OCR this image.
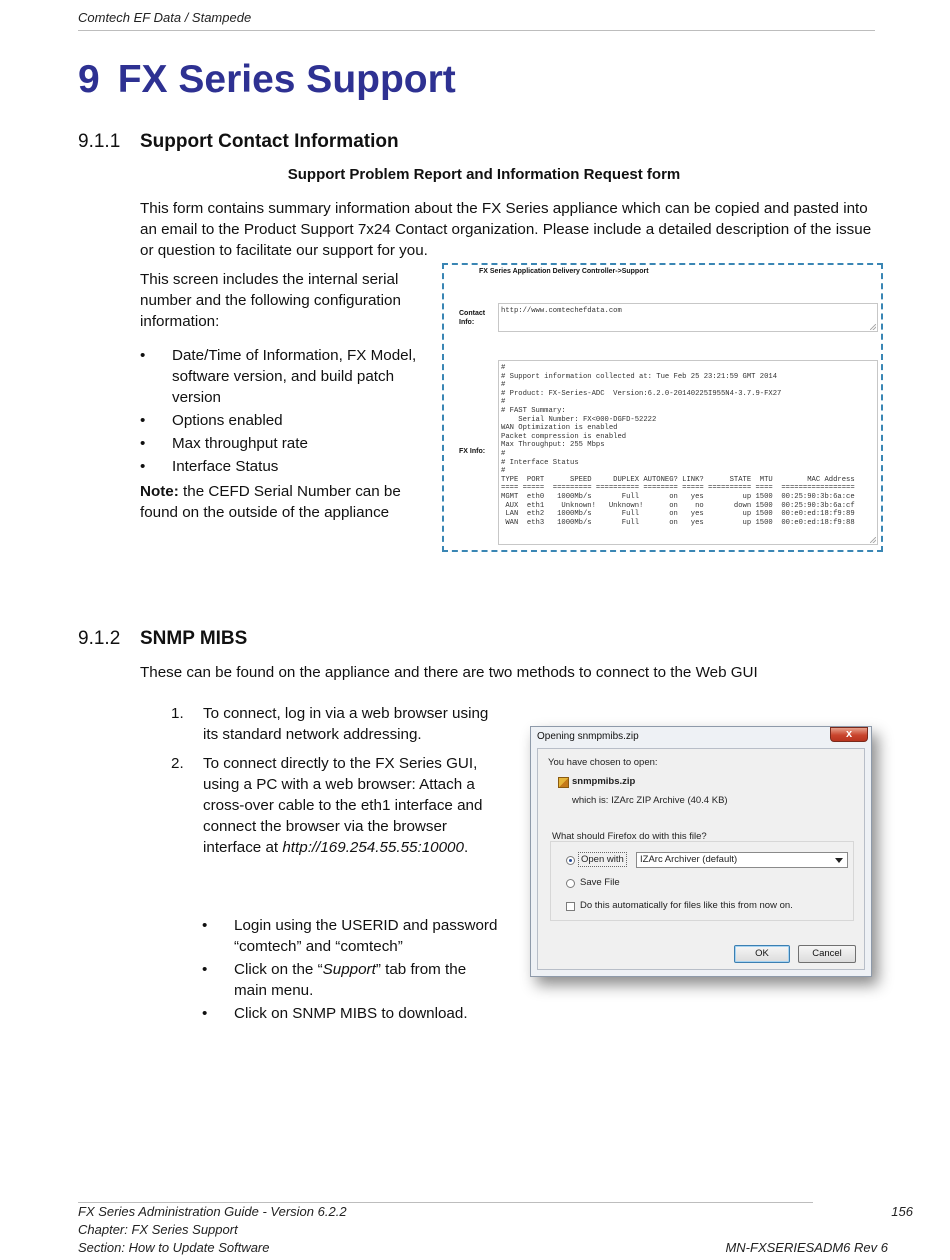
Comtech EF Data / Stampede
9 FX Series Support
9.1.1 Support Contact Information
Support Problem Report and Information Request form
This form contains summary information about the FX Series appliance which can be copied and pasted into an email to the Product Support 7x24 Contact organization. Please include a detailed description of the issue or question to facilitate our support for you.
This screen includes the internal serial number and the following configuration information:
• Date/Time of Information, FX Model, software version, and build patch version
• Options enabled
• Max throughput rate
• Interface Status
Note: the CEFD Serial Number can be found on the outside of the appliance
FX Series Application Delivery Controller->Support
Contact Info:
http://www.comtechefdata.com
FX Info:
#
# Support information collected at: Tue Feb 25 23:21:59 GMT 2014
#
# Product: FX-Series-ADC  Version:6.2.0-20140225I955N4-3.7.9-FX27
#
# FAST Summary:
Serial Number: FX<000-DGFD-52222
WAN Optimization is enabled
Packet compression is enabled
Max Throughput: 255 Mbps
#
# Interface Status
#
TYPE  PORT      SPEED     DUPLEX AUTONEG? LINK?      STATE  MTU        MAC Address
==== =====  ========= ========== ======== ===== ========== ====  =================
MGMT  eth0   1000Mb/s       Full       on   yes         up 1500  00:25:90:3b:6a:ce
AUX  eth1    Unknown!   Unknown!      on    no       down 1500  00:25:90:3b:6a:cf
LAN  eth2   1000Mb/s       Full       on   yes         up 1500  00:e0:ed:18:f9:89
WAN  eth3   1000Mb/s       Full       on   yes         up 1500  00:e0:ed:18:f9:88
9.1.2 SNMP MIBS
These can be found on the appliance and there are two methods to connect to the Web GUI
1. To connect, log in via a web browser using its standard network addressing.
2. To connect directly to the FX Series GUI, using a PC with a web browser: Attach a cross-over cable to the eth1 interface and connect the browser via the browser interface at http://169.254.55.55:10000.
• Login using the USERID and password “comtech” and “comtech”
• Click on the “Support” tab from the main menu.
• Click on SNMP MIBS to download.
Opening snmpmibs.zip	x
You have chosen to open:
snmpmibs.zip
which is: IZArc ZIP Archive (40.4 KB)
What should Firefox do with this file?
Open with	IZArc Archiver (default)
Save File
Do this automatically for files like this from now on.
OK	Cancel
FX Series Administration Guide - Version 6.2.2
Chapter: FX Series Support
Section: How to Update Software
156
MN-FXSERIESADM6 Rev 6
